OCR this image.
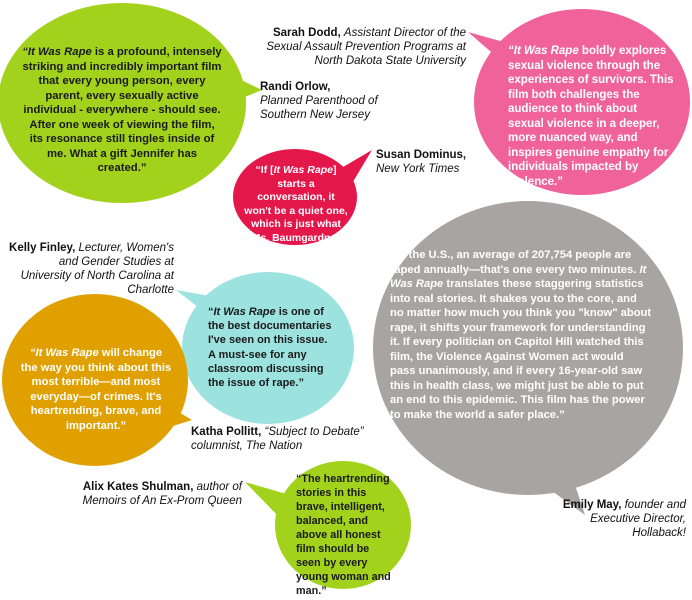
“It Was Rape is a profound, intensely striking and incredibly important film that every young person, every parent, every sexually active individual - everywhere - should see. After one week of viewing the film, its resonance still tingles inside of me. What a gift Jennifer has created.”
Randi Orlow,
Planned Parenthood of Southern New Jersey
Sarah Dodd, Assistant Director of the Sexual Assault Prevention Programs at North Dakota State University
“It Was Rape boldly explores sexual violence through the experiences of survivors. This film both challenges the audience to think about sexual violence in a deeper, more nuanced way, and inspires genuine empathy for individuals impacted by violence.”
“If [It Was Rape] starts a conversation, it won't be a quiet one, which is just what Ms. Baumgardner wants.”
Susan Dominus,
New York Times
Kelly Finley, Lecturer, Women's and Gender Studies at University of North Carolina at Charlotte
“It Was Rape is one of the best documentaries I've seen on this issue. A must-see for any classroom discussing the issue of rape.”
“It Was Rape will change the way you think about this most terrible—and most everyday—of crimes. It's heartrending, brave, and important.”
Katha Pollitt, “Subject to Debate” columnist, The Nation
“In the U.S., an average of 207,754 people are raped annually—that's one every two minutes. It Was Rape translates these staggering statistics into real stories. It shakes you to the core, and no matter how much you think you "know" about rape, it shifts your framework for understanding it. If every politician on Capitol Hill watched this film, the Violence Against Women act would pass unanimously, and if every 16-year-old saw this in health class, we might just be able to put an end to this epidemic. This film has the power to make the world a safer place.”
Alix Kates Shulman, author of Memoirs of An Ex-Prom Queen
“The heartrending stories in this brave, intelligent, balanced, and above all honest film should be seen by every young woman and man.”
Emily May, founder and Executive Director, Hollaback!
